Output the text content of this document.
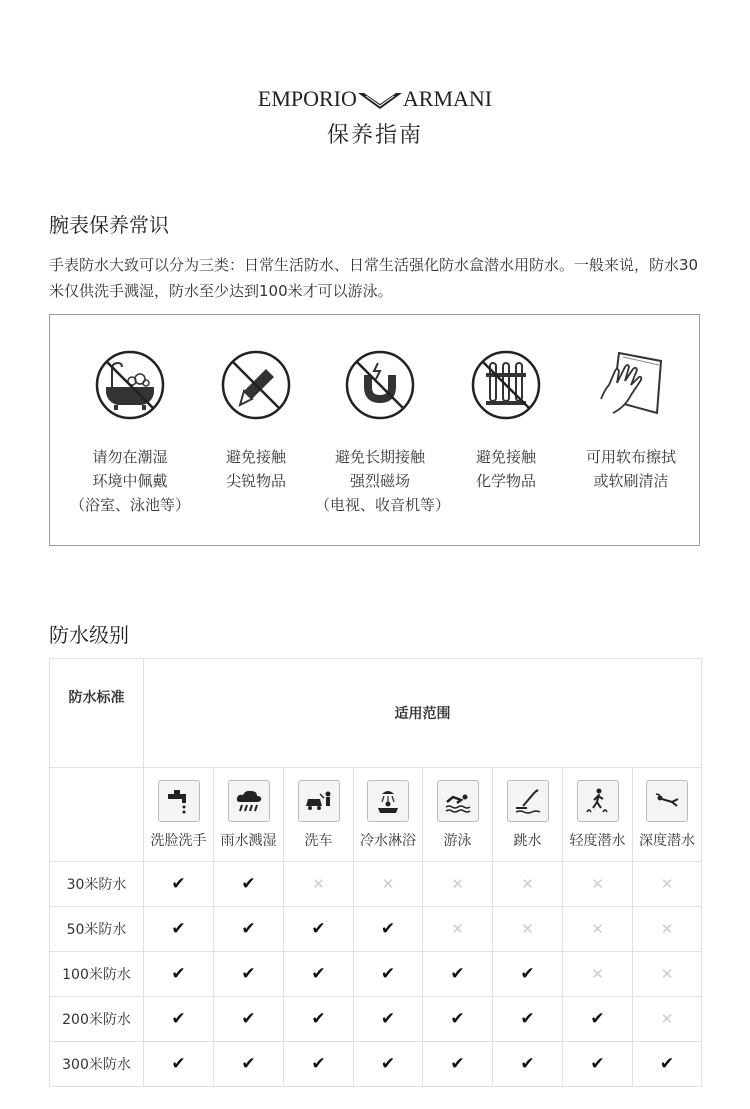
EMPORIO ARMANI
保养指南
腕表保养常识
手表防水大致可以分为三类：日常生活防水、日常生活强化防水盒潜水用防水。一般来说，防水30米仅供洗手溅湿，防水至少达到100米才可以游泳。
请勿在潮湿
环境中佩戴
（浴室、泳池等）
避免接触
尖锐物品
避免长期接触
强烈磁场
（电视、收音机等）
避免接触
化学物品
可用软布擦拭
或软刷清洁
防水级别
防水标准	适用范围							

	洗脸洗手	雨水溅湿	洗车	冷水淋浴	游泳	跳水	轻度潜水	深度潜水

30米防水	✔	✔	✕	✕	✕	✕	✕	✕
50米防水	✔	✔	✔	✔	✕	✕	✕	✕
100米防水	✔	✔	✔	✔	✔	✔	✕	✕
200米防水	✔	✔	✔	✔	✔	✔	✔	✕
300米防水	✔	✔	✔	✔	✔	✔	✔	✔
